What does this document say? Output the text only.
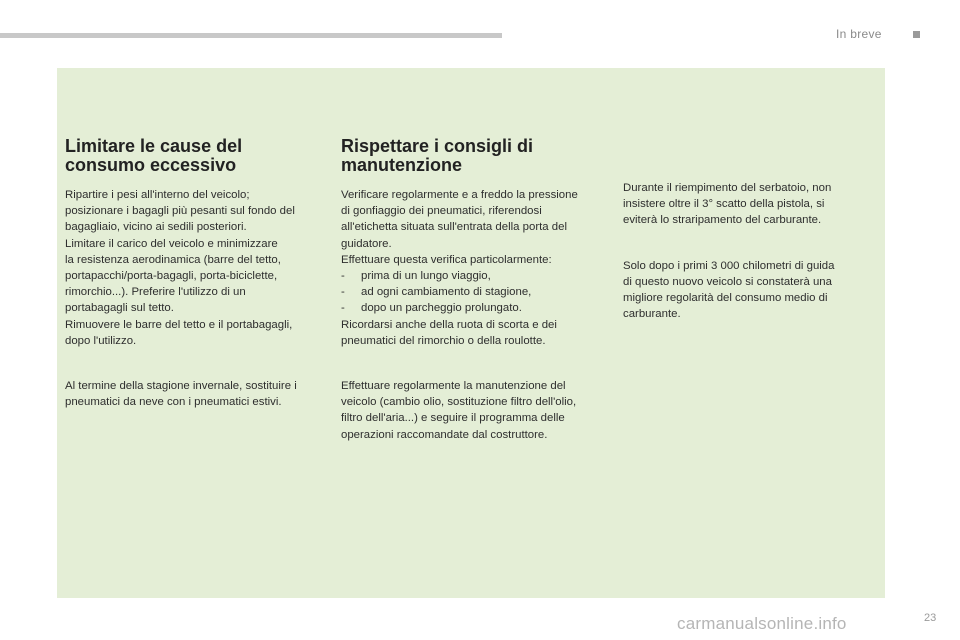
In breve
Limitare le cause del
consumo eccessivo

Ripartire i pesi all'interno del veicolo;
posizionare i bagagli più pesanti sul fondo del
bagagliaio, vicino ai sedili posteriori.
Limitare il carico del veicolo e minimizzare
la resistenza aerodinamica (barre del tetto,
portapacchi/porta-bagagli, porta-biciclette,
rimorchio...). Preferire l'utilizzo di un
portabagagli sul tetto.
Rimuovere le barre del tetto e il portabagagli,
dopo l'utilizzo.

Al termine della stagione invernale, sostituire i
pneumatici da neve con i pneumatici estivi.

Rispettare i consigli di
manutenzione

Verificare regolarmente e a freddo la pressione
di gonfiaggio dei pneumatici, riferendosi
all'etichetta situata sull'entrata della porta del
guidatore.
Effettuare questa verifica particolarmente:

-	prima di un lungo viaggio,

-	ad ogni cambiamento di stagione,

-	dopo un parcheggio prolungato.

Ricordarsi anche della ruota di scorta e dei
pneumatici del rimorchio o della roulotte.

Effettuare regolarmente la manutenzione del
veicolo (cambio olio, sostituzione filtro dell'olio,
filtro dell'aria...) e seguire il programma delle
operazioni raccomandate dal costruttore.

Durante il riempimento del serbatoio, non
insistere oltre il 3° scatto della pistola, si
eviterà lo straripamento del carburante.

Solo dopo i primi 3 000 chilometri di guida
di questo nuovo veicolo si constaterà una
migliore regolarità del consumo medio di
carburante.

carmanualsonline.info	23
